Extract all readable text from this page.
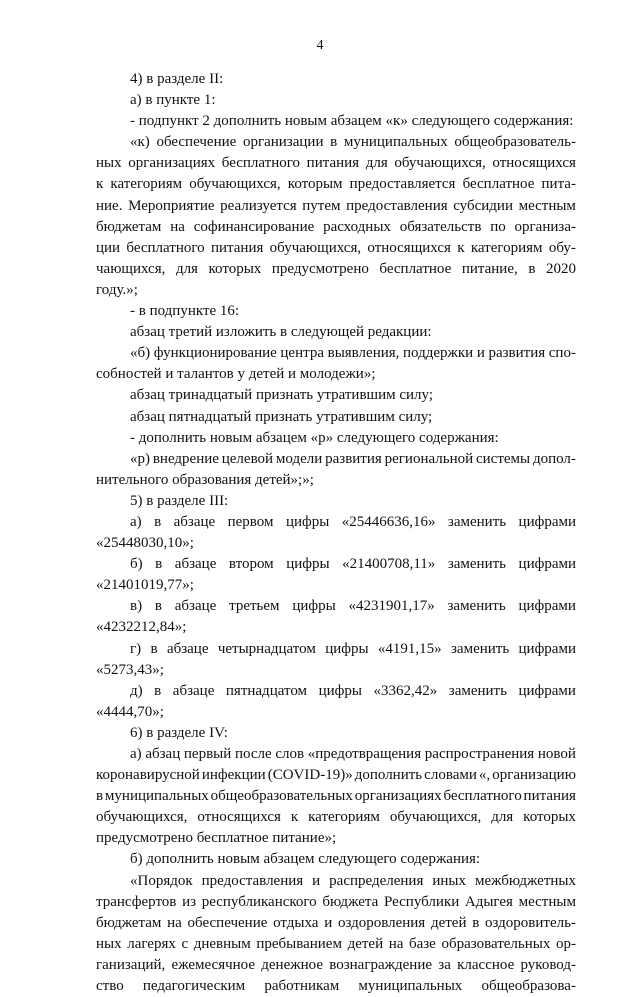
4
4) в разделе II:
а) в пункте 1:
- подпункт 2 дополнить новым абзацем «к» следующего содержания:
«к) обеспечение организации в муниципальных общеобразователь-
ных организациях бесплатного питания для обучающихся, относящихся
к категориям обучающихся, которым предоставляется бесплатное пита-
ние. Мероприятие реализуется путем предоставления субсидии местным
бюджетам на софинансирование расходных обязательств по организа-
ции бесплатного питания обучающихся, относящихся к категориям обу-
чающихся, для которых предусмотрено бесплатное питание, в 2020
году.»;
- в подпункте 16:
абзац третий изложить в следующей редакции:
«б) функционирование центра выявления, поддержки и развития спо-
собностей и талантов у детей и молодежи»;
абзац тринадцатый признать утратившим силу;
абзац пятнадцатый признать утратившим силу;
- дополнить новым абзацем «р» следующего содержания:
«р) внедрение целевой модели развития региональной системы допол-
нительного образования детей»;»;
5) в разделе III:
а) в абзаце первом цифры «25446636,16» заменить цифрами
«25448030,10»;
б) в абзаце втором цифры «21400708,11» заменить цифрами
«21401019,77»;
в) в абзаце третьем цифры «4231901,17» заменить цифрами
«4232212,84»;
г) в абзаце четырнадцатом цифры «4191,15» заменить цифрами
«5273,43»;
д) в абзаце пятнадцатом цифры «3362,42» заменить цифрами
«4444,70»;
6) в разделе IV:
а) абзац первый после слов «предотвращения распространения новой
коронавирусной инфекции (COVID-19)» дополнить словами «, организацию
в муниципальных общеобразовательных организациях бесплатного питания
обучающихся, относящихся к категориям обучающихся, для которых
предусмотрено бесплатное питание»;
б) дополнить новым абзацем следующего содержания:
«Порядок предоставления и распределения иных межбюджетных
трансфертов из республиканского бюджета Республики Адыгея местным
бюджетам на обеспечение отдыха и оздоровления детей в оздоровитель-
ных лагерях с дневным пребыванием детей на базе образовательных ор-
ганизаций, ежемесячное денежное вознаграждение за классное руковод-
ство педагогическим работникам муниципальных общеобразова-
